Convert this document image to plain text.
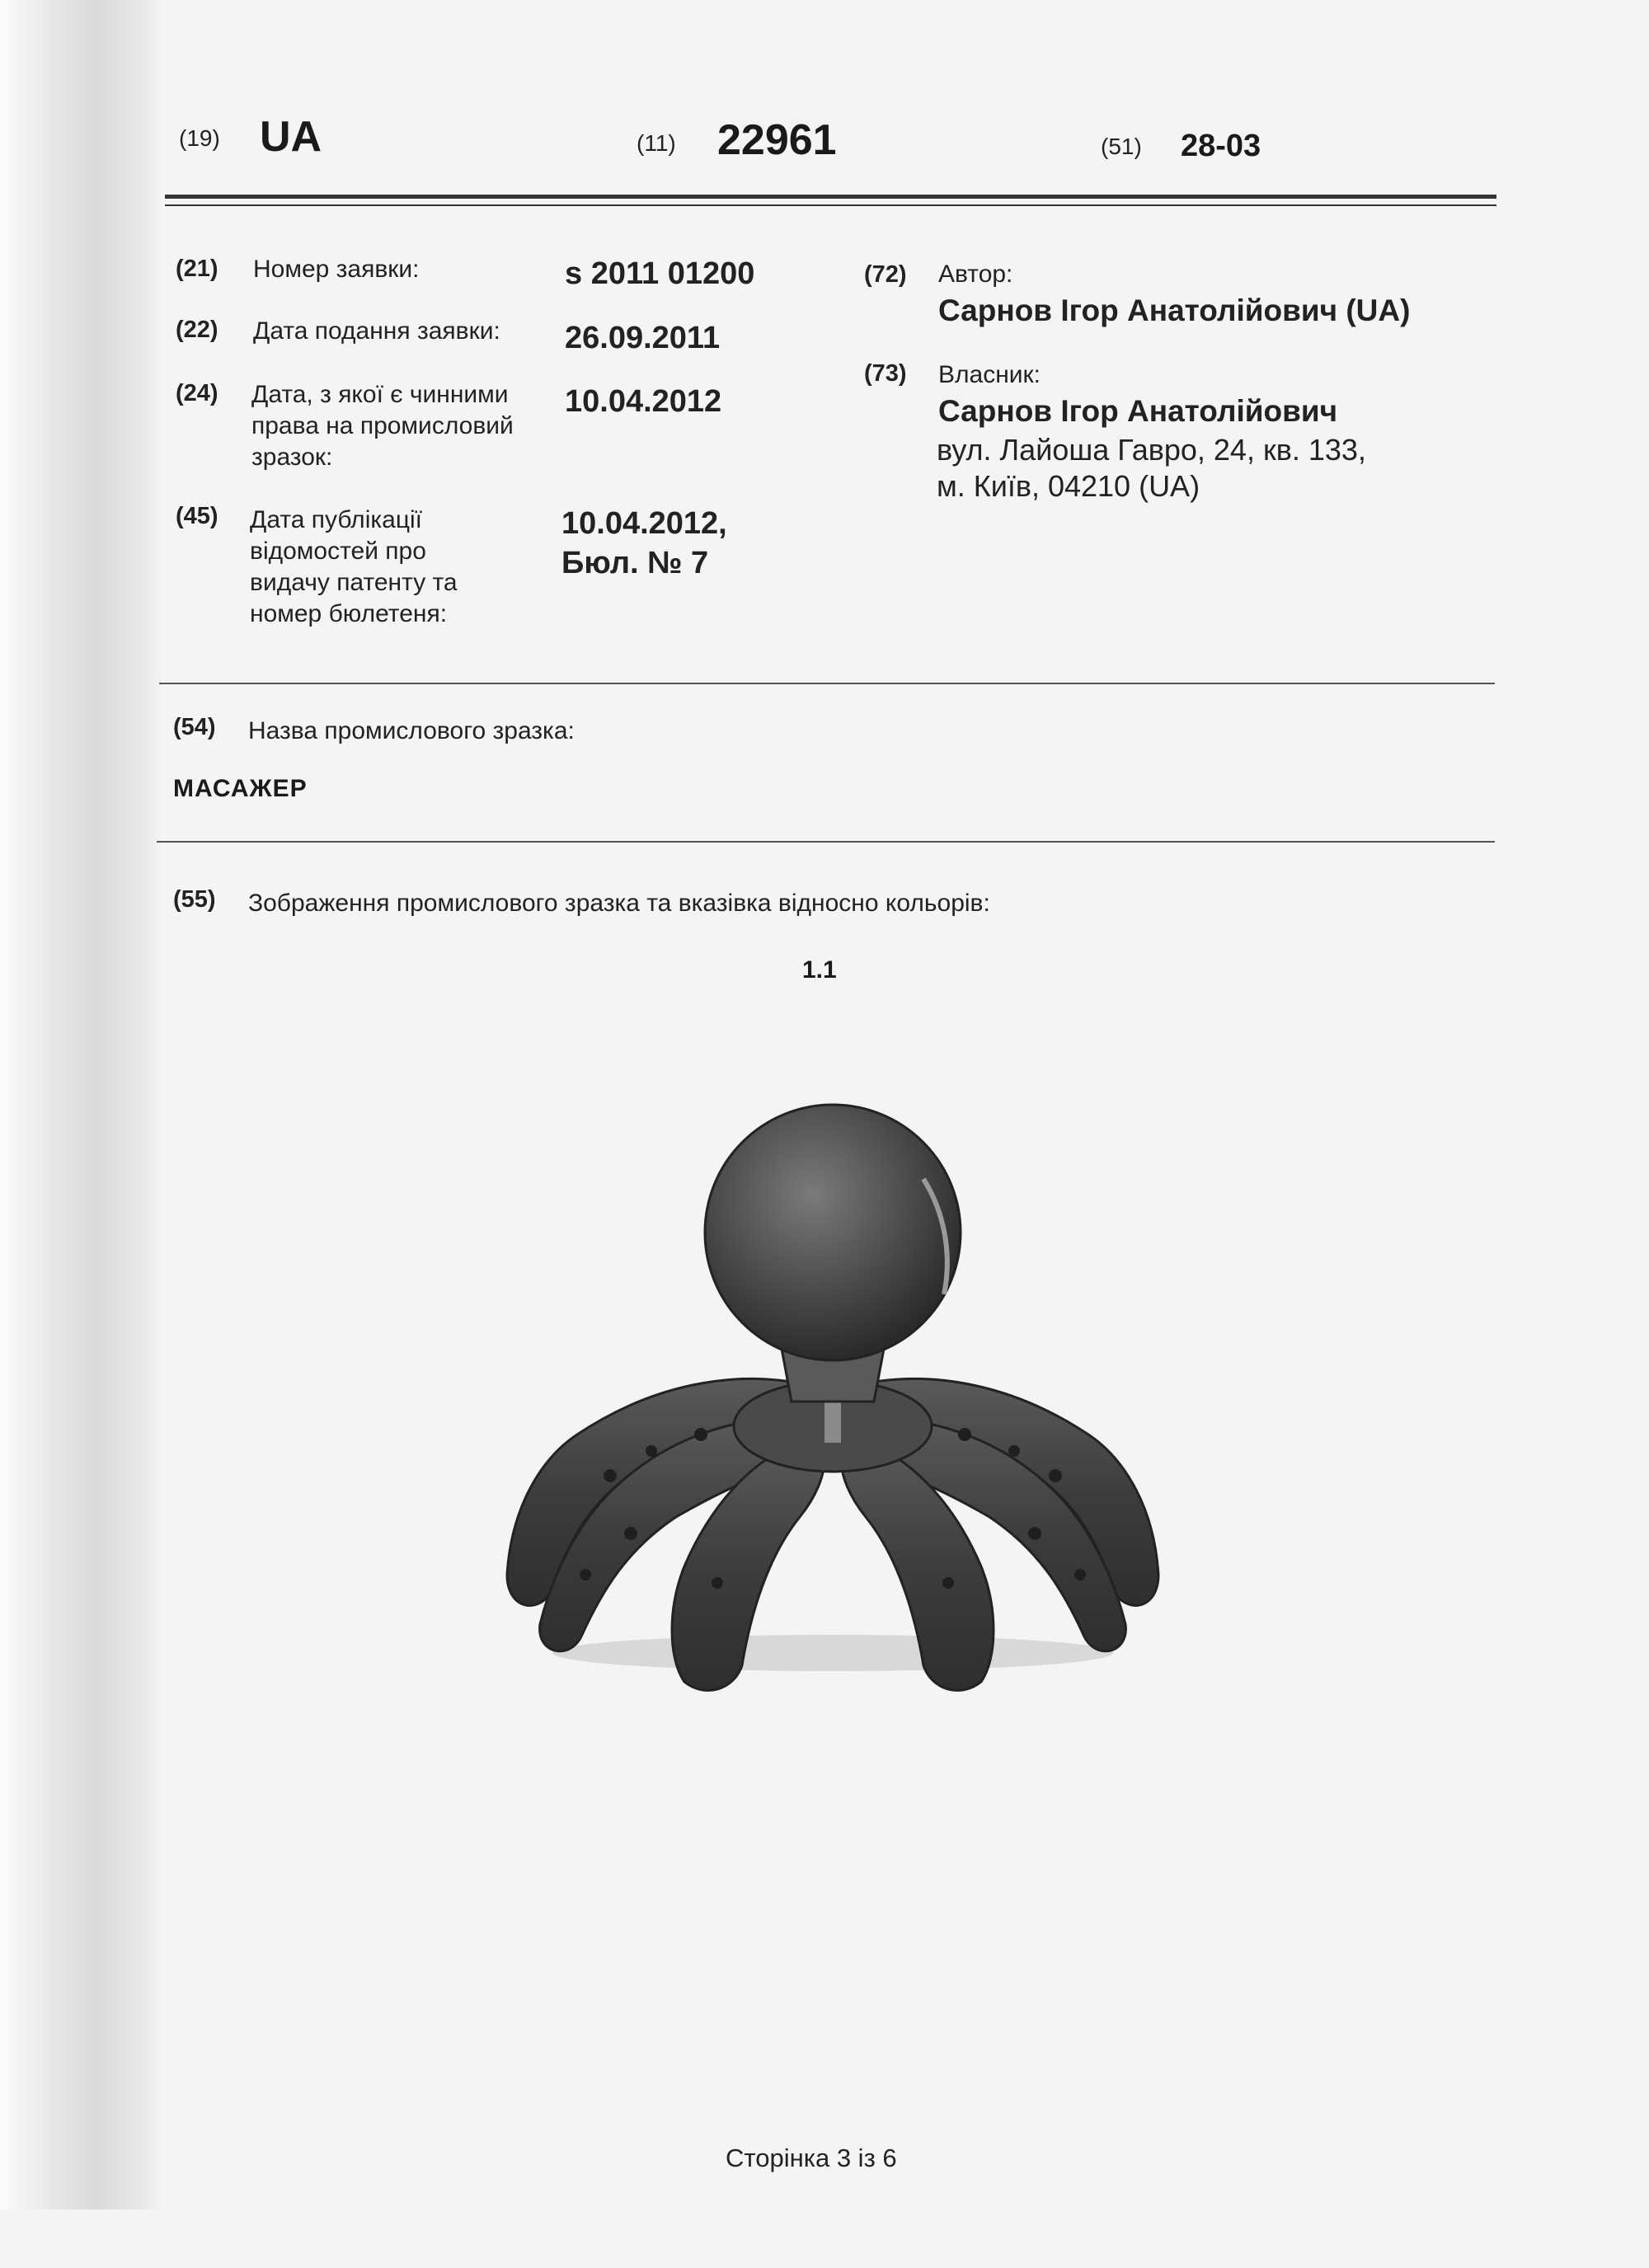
(19) UA	(11) 22961	(51) 28-03
(21) Номер заявки:	s 2011 01200
(22) Дата подання заявки: 26.09.2011
(24) Дата, з якої є чинними права на промисловий зразок:
10.04.2012
(45) Дата публікації відомостей про видачу патенту та номер бюлетеня:
10.04.2012,
Бюл. № 7
(72) Автор:
Сарнов Ігор Анатолійович (UA)
(73) Власник:
Сарнов Ігор Анатолійович
вул. Лайоша Гавро, 24, кв. 133,
м. Київ, 04210 (UA)
(54) Назва промислового зразка:
МАСАЖЕР
(55) Зображення промислового зразка та вказівка відносно кольорів:
1.1
Сторінка 3 із 6
